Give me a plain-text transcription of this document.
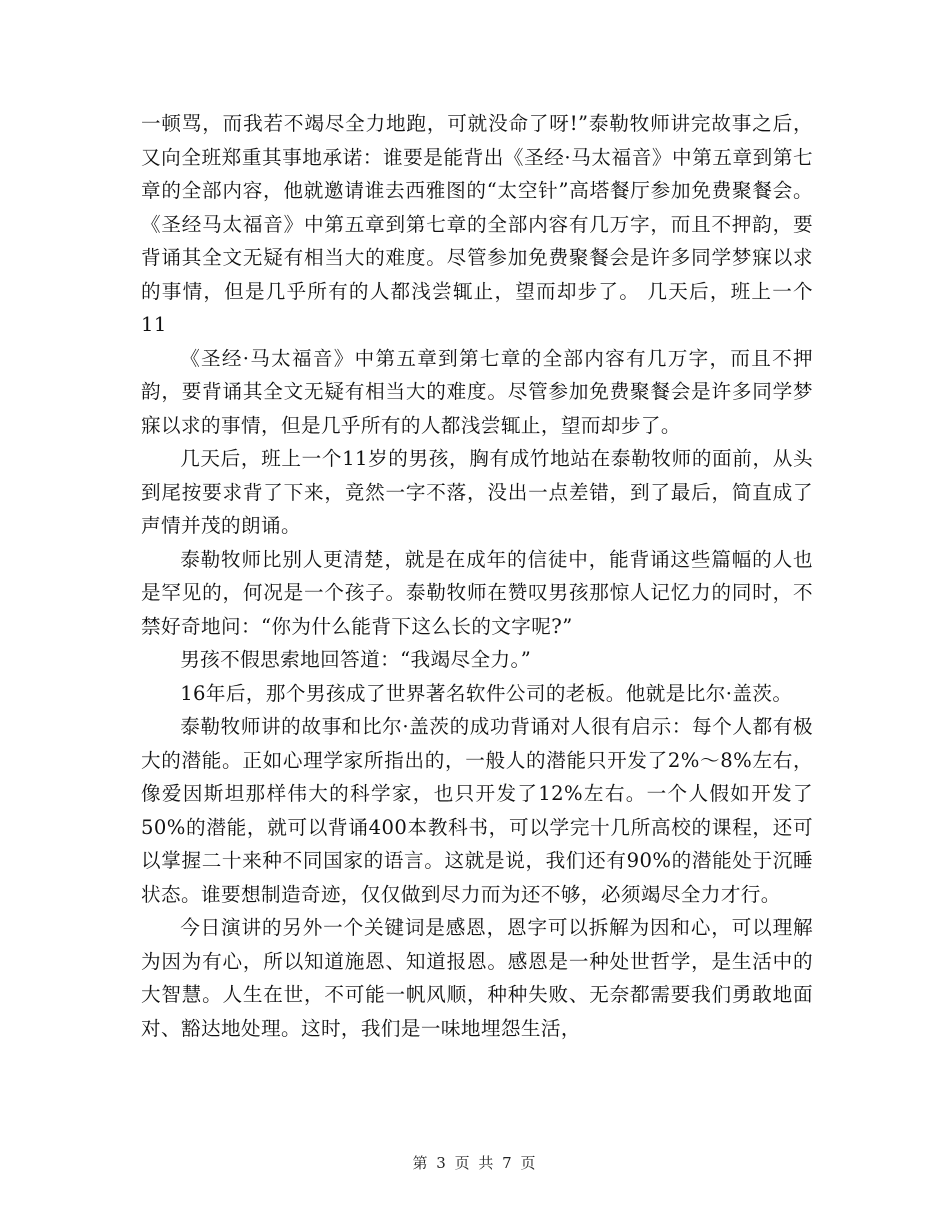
一顿骂，而我若不竭尽全力地跑，可就没命了呀!”泰勒牧师讲完故事之后，又向全班郑重其事地承诺：谁要是能背出《圣经·马太福音》中第五章到第七章的全部内容，他就邀请谁去西雅图的“太空针”高塔餐厅参加免费聚餐会。 《圣经马太福音》中第五章到第七章的全部内容有几万字，而且不押韵，要背诵其全文无疑有相当大的难度。尽管参加免费聚餐会是许多同学梦寐以求的事情，但是几乎所有的人都浅尝辄止，望而却步了。 几天后，班上一个11

《圣经·马太福音》中第五章到第七章的全部内容有几万字，而且不押韵，要背诵其全文无疑有相当大的难度。尽管参加免费聚餐会是许多同学梦寐以求的事情，但是几乎所有的人都浅尝辄止，望而却步了。

几天后，班上一个11岁的男孩，胸有成竹地站在泰勒牧师的面前，从头到尾按要求背了下来，竟然一字不落，没出一点差错，到了最后，简直成了声情并茂的朗诵。

泰勒牧师比别人更清楚，就是在成年的信徒中，能背诵这些篇幅的人也是罕见的，何况是一个孩子。泰勒牧师在赞叹男孩那惊人记忆力的同时，不禁好奇地问：“你为什么能背下这么长的文字呢?”

男孩不假思索地回答道：“我竭尽全力。”

16年后，那个男孩成了世界著名软件公司的老板。他就是比尔·盖茨。

泰勒牧师讲的故事和比尔·盖茨的成功背诵对人很有启示：每个人都有极大的潜能。正如心理学家所指出的，一般人的潜能只开发了2%～8%左右，像爱因斯坦那样伟大的科学家，也只开发了12%左右。一个人假如开发了50%的潜能，就可以背诵400本教科书，可以学完十几所高校的课程，还可以掌握二十来种不同国家的语言。这就是说，我们还有90%的潜能处于沉睡状态。谁要想制造奇迹，仅仅做到尽力而为还不够，必须竭尽全力才行。

今日演讲的另外一个关键词是感恩，恩字可以拆解为因和心，可以理解为因为有心，所以知道施恩、知道报恩。感恩是一种处世哲学，是生活中的大智慧。人生在世，不可能一帆风顺，种种失败、无奈都需要我们勇敢地面对、豁达地处理。这时，我们是一味地埋怨生活，

第 3 页 共 7 页
